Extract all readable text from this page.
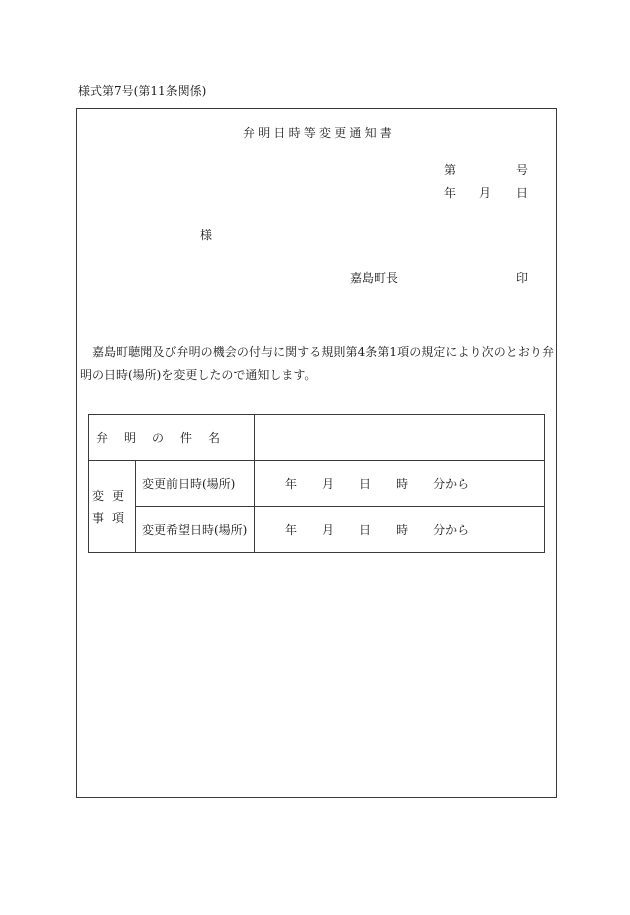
様式第7号(第11条関係)
弁明日時等変更通知書
第	号
年 月 日
様
嘉島町長	印
嘉島町聴聞及び弁明の機会の付与に関する規則第4条第1項の規定により次のとおり弁明の日時(場所)を変更したので通知します。
弁明の件名		

変更
事項	変更前日時(場所)	年 月 日 時 分から
	変更希望日時(場所)	年 月 日 時 分から
